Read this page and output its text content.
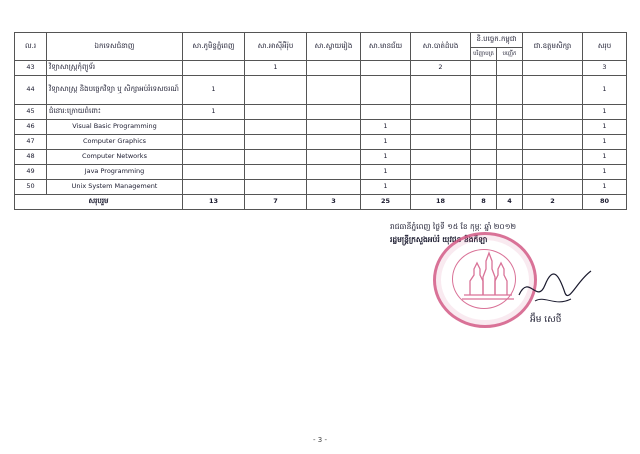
ល.រ	ឯកទេសជំនាញ	សា.ភូមិន្ទភ្នំពេញ	សា.អាស៊ីអឺរ៉ុប	សា.ស្វាយរៀង	សា.មានជ័យ	សា.បាត់ដំបង	ខិ.បច្ចេក.កម្ពុជា		ជា.ឧត្តមសិក្សា	សរុប
							បរិញ្ញាបត្រ	បញ្ញើក		
43	វិទ្យាសាស្ត្រកុំព្យូទ័រ		1			2				3
44	វិទ្យាសាស្ត្រ និងបច្ចេកវិទ្យា ឬ សិក្សាអប់រំទេសចរណ៍	1								1
45	ជំនោរ:ក្រោយពំពោះ	1								1
46	Visual Basic Programming				1					1
47	Computer Graphics				1					1
48	Computer Networks				1					1
49	Java Programming				1					1
50	Unix System Management				1					1
សរុបរួម		13	7	3	25	18	8	4	2	80
រាជធានីភ្នំពេញ ថ្ងៃទី ១៥ ខែ កុម្ភៈ ឆ្នាំ ២០១២
រដ្ឋមន្ត្រីក្រសួងអប់រំ យុវជន និងកីឡា
អ៊ឹម សេថី
- 3 -
